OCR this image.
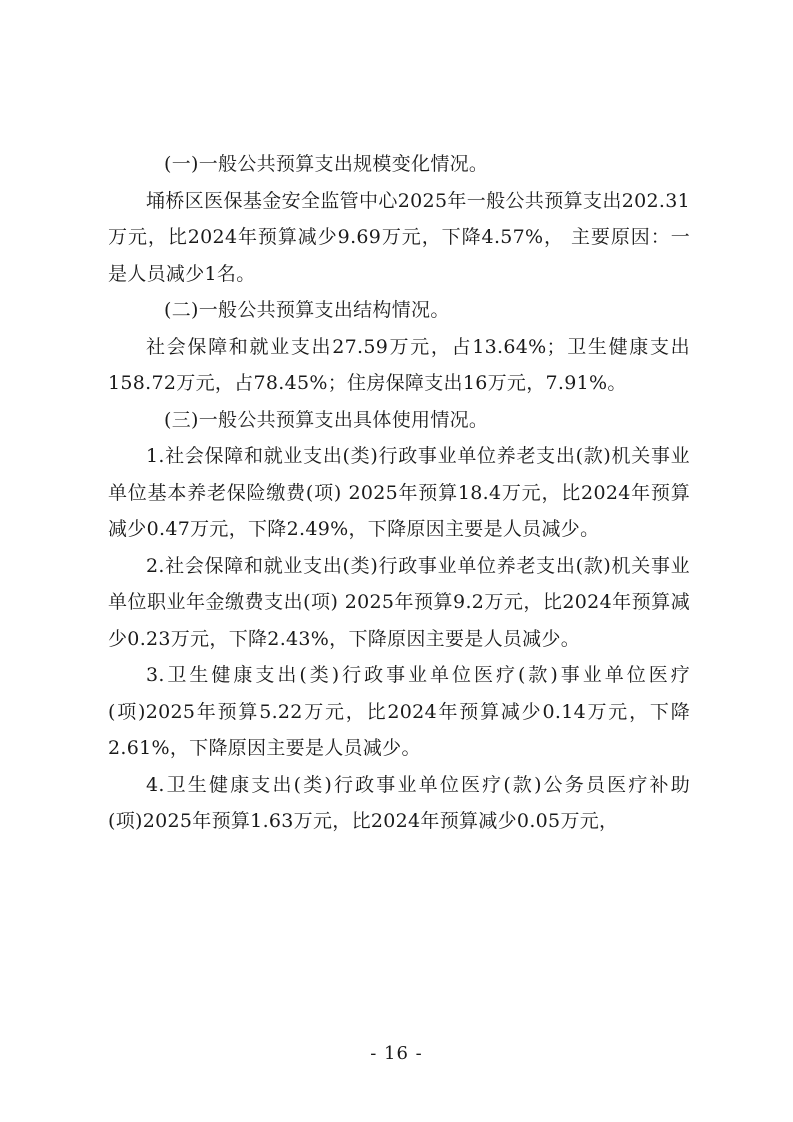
(一)一般公共预算支出规模变化情况。

埇桥区医保基金安全监管中心2025年一般公共预算支出202.31万元，比2024年预算减少9.69万元，下降4.57%， 主要原因：一是人员减少1名。

(二)一般公共预算支出结构情况。

社会保障和就业支出27.59万元，占13.64%；卫生健康支出158.72万元，占78.45%；住房保障支出16万元，7.91%。

(三)一般公共预算支出具体使用情况。

1.社会保障和就业支出(类)行政事业单位养老支出(款)机关事业单位基本养老保险缴费(项) 2025年预算18.4万元，比2024年预算减少0.47万元，下降2.49%，下降原因主要是人员减少。

2.社会保障和就业支出(类)行政事业单位养老支出(款)机关事业单位职业年金缴费支出(项) 2025年预算9.2万元，比2024年预算减少0.23万元，下降2.43%，下降原因主要是人员减少。

3.卫生健康支出(类)行政事业单位医疗(款)事业单位医疗(项)2025年预算5.22万元，比2024年预算减少0.14万元，下降2.61%，下降原因主要是人员减少。

4.卫生健康支出(类)行政事业单位医疗(款)公务员医疗补助(项)2025年预算1.63万元，比2024年预算减少0.05万元，

- 16 -
